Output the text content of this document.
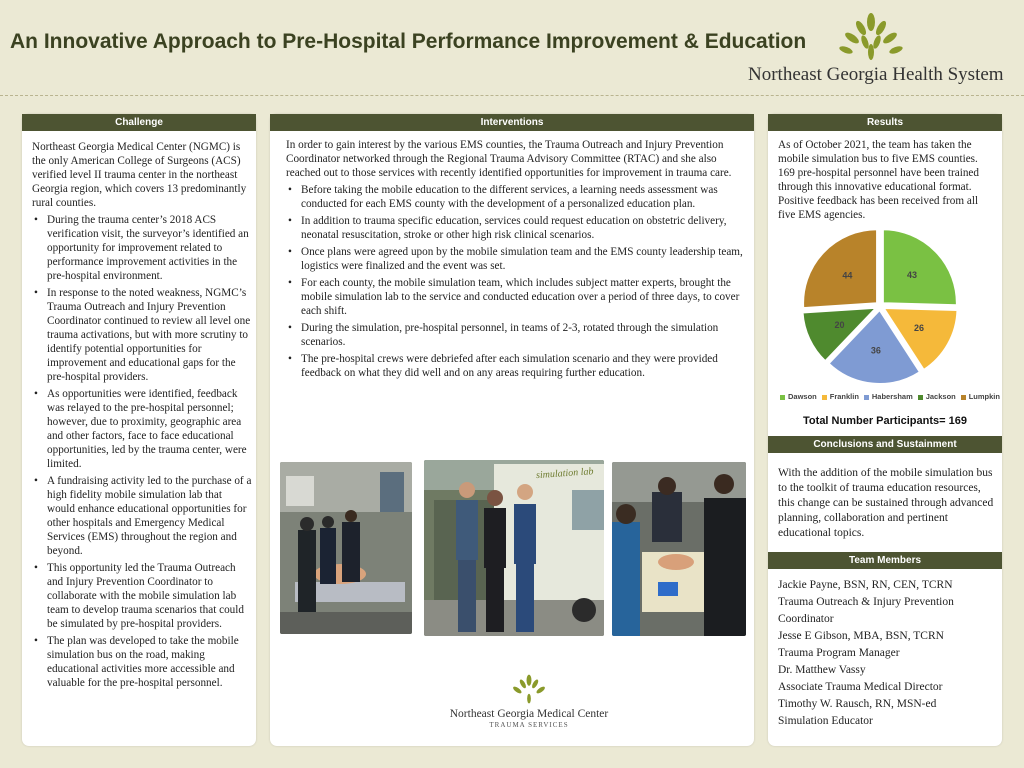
An Innovative Approach to Pre-Hospital Performance Improvement & Education
Northeast Georgia Health System
Challenge

Northeast Georgia Medical Center (NGMC) is the only American College of Surgeons (ACS) verified level II trauma center in the northeast Georgia region, which covers 13 predominantly rural counties.

• During the trauma center’s 2018 ACS verification visit, the surveyor’s identified an opportunity for improvement related to performance improvement activities in the pre-hospital environment.
• In response to the noted weakness, NGMC’s Trauma Outreach and Injury Prevention Coordinator continued to review all level one trauma activations, but with more scrutiny to identify potential opportunities for improvement and educational gaps for the pre-hospital providers.
• As opportunities were identified, feedback was relayed to the pre-hospital personnel; however, due to proximity, geographic area and other factors, face to face educational opportunities, led by the trauma center, were limited.
• A fundraising activity led to the purchase of a high fidelity mobile simulation lab that would enhance educational opportunities for other hospitals and Emergency Medical Services (EMS) throughout the region and beyond.
• This opportunity led the Trauma Outreach and Injury Prevention Coordinator to collaborate with the mobile simulation lab team to develop trauma scenarios that could be simulated by pre-hospital providers.
• The plan was developed to take the mobile simulation bus on the road, making educational activities more accessible and valuable for the pre-hospital personnel.
Interventions

In order to gain interest by the various EMS counties, the Trauma Outreach and Injury Prevention Coordinator networked through the Regional Trauma Advisory Committee (RTAC) and she also reached out to those services with recently identified opportunities for improvement in trauma care.

• Before taking the mobile education to the different services, a learning needs assessment was conducted for each EMS county with the development of a personalized education plan.
• In addition to trauma specific education, services could request education on obstetric delivery, neonatal resuscitation, stroke or other high risk clinical scenarios.
• Once plans were agreed upon by the mobile simulation team and the EMS county leadership team, logistics were finalized and the event was set.
• For each county, the mobile simulation team, which includes subject matter experts, brought the mobile simulation lab to the service and conducted education over a period of three days, to cover each shift.
• During the simulation, pre-hospital personnel, in teams of 2-3, rotated through the simulation scenarios.
• The pre-hospital crews were debriefed after each simulation scenario and they were provided feedback on what they did well and on any areas requiring further education.
simulation lab
Northeast Georgia Medical Center
TRAUMA SERVICES
Results
As of October 2021, the team has taken the mobile simulation bus to five EMS counties. 169 pre-hospital personnel have been trained through this innovative educational format. Positive feedback has been received from all five EMS agencies.
43
26
36
20
44
Dawson	Franklin	Habersham	Jackson	Lumpkin
Total Number Participants= 169
Conclusions and Sustainment
With the addition of the mobile simulation bus to the toolkit of trauma education resources, this change can be sustained through advanced planning, collaboration and pertinent educational topics.
Team Members
Jackie Payne, BSN, RN, CEN, TCRN
Trauma Outreach & Injury Prevention Coordinator
Jesse E Gibson, MBA, BSN, TCRN
Trauma Program Manager
Dr. Matthew Vassy
Associate Trauma Medical Director
Timothy W. Rausch, RN, MSN-ed
Simulation Educator
